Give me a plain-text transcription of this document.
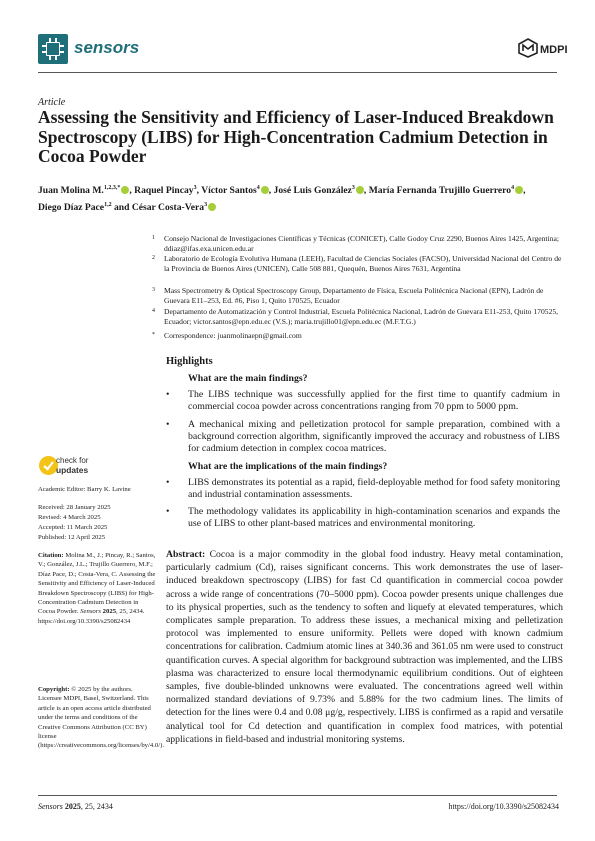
sensors	MDPI
Article
Assessing the Sensitivity and Efficiency of Laser-Induced Breakdown Spectroscopy (LIBS) for High-Concentration Cadmium Detection in Cocoa Powder
Juan Molina M.$^{1,2,3,*}$ , Raquel Pincay$^3$, Víctor Santos$^4$ , José Luis González$^3$ , María Fernanda Trujillo Guerrero$^4$ ,
Diego Díaz Pace$^{1,2}$ and César Costa-Vera$^3$
1 Consejo Nacional de Investigaciones Científicas y Técnicas (CONICET), Calle Godoy Cruz 2290, Buenos Aires 1425, Argentina; ddiaz@ifas.exa.unicen.edu.ar
2 Laboratorio de Ecología Evolutiva Humana (LEEH), Facultad de Ciencias Sociales (FACSO), Universidad Nacional del Centro de la Provincia de Buenos Aires (UNICEN), Calle 508 881, Quequén, Buenos Aires 7631, Argentina
3 Mass Spectrometry & Optical Spectroscopy Group, Departamento de Física, Escuela Politécnica Nacional (EPN), Ladrón de Guevara E11–253, Ed. #6, Piso 1, Quito 170525, Ecuador
4 Departamento de Automatización y Control Industrial, Escuela Politécnica Nacional, Ladrón de Guevara E11-253, Quito 170525, Ecuador; victor.santos@epn.edu.ec (V.S.); maria.trujillo01@epn.edu.ec (M.F.T.G.)
* Correspondence: juanmolinaepn@gmail.com
Highlights
What are the main findings?
• The LIBS technique was successfully applied for the first time to quantify cadmium in commercial cocoa powder across concentrations ranging from 70 ppm to 5000 ppm.
• A mechanical mixing and pelletization protocol for sample preparation, combined with a background correction algorithm, significantly improved the accuracy and robustness of LIBS for cadmium detection in complex cocoa matrices.
What are the implications of the main findings?
• LIBS demonstrates its potential as a rapid, field-deployable method for food safety monitoring and industrial contamination assessments.
• The methodology validates its applicability in high-contamination scenarios and expands the use of LIBS to other plant-based matrices and environmental monitoring.
check for
updates
Academic Editor: Barry K. Lavine
Received: 28 January 2025
Revised: 4 March 2025
Accepted: 11 March 2025
Published: 12 April 2025
Citation: Molina M., J.; Pincay, R.; Santos, V.; González, J.L.; Trujillo Guerrero, M.F.; Díaz Pace, D.; Costa-Vera, C. Assessing the Sensitivity and Efficiency of Laser-Induced Breakdown Spectroscopy (LIBS) for High-Concentration Cadmium Detection in Cocoa Powder. Sensors 2025, 25, 2434. https://doi.org/10.3390/s25082434
Copyright: © 2025 by the authors. Licensee MDPI, Basel, Switzerland. This article is an open access article distributed under the terms and conditions of the Creative Commons Attribution (CC BY) license (https://creativecommons.org/licenses/by/4.0/).
Abstract: Cocoa is a major commodity in the global food industry. Heavy metal contamination, particularly cadmium (Cd), raises significant concerns. This work demonstrates the use of laser-induced breakdown spectroscopy (LIBS) for fast Cd quantification in commercial cocoa powder across a wide range of concentrations (70–5000 ppm). Cocoa powder presents unique challenges due to its physical properties, such as the tendency to soften and liquefy at elevated temperatures, which complicates sample preparation. To address these issues, a mechanical mixing and pelletization protocol was implemented to ensure uniformity. Pellets were doped with known cadmium concentrations for calibration. Cadmium atomic lines at 340.36 and 361.05 nm were used to construct quantification curves. A special algorithm for background subtraction was implemented, and the LIBS plasma was characterized to ensure local thermodynamic equilibrium conditions. Out of eighteen samples, five double-blinded unknowns were evaluated. The concentrations agreed well within normalized standard deviations of 9.73% and 5.88% for the two cadmium lines. The limits of detection for the lines were 0.4 and 0.08 μg/g, respectively. LIBS is confirmed as a rapid and versatile analytical tool for Cd detection and quantification in complex food matrices, with potential applications in field-based and industrial monitoring systems.
Sensors 2025, 25, 2434	https://doi.org/10.3390/s25082434
